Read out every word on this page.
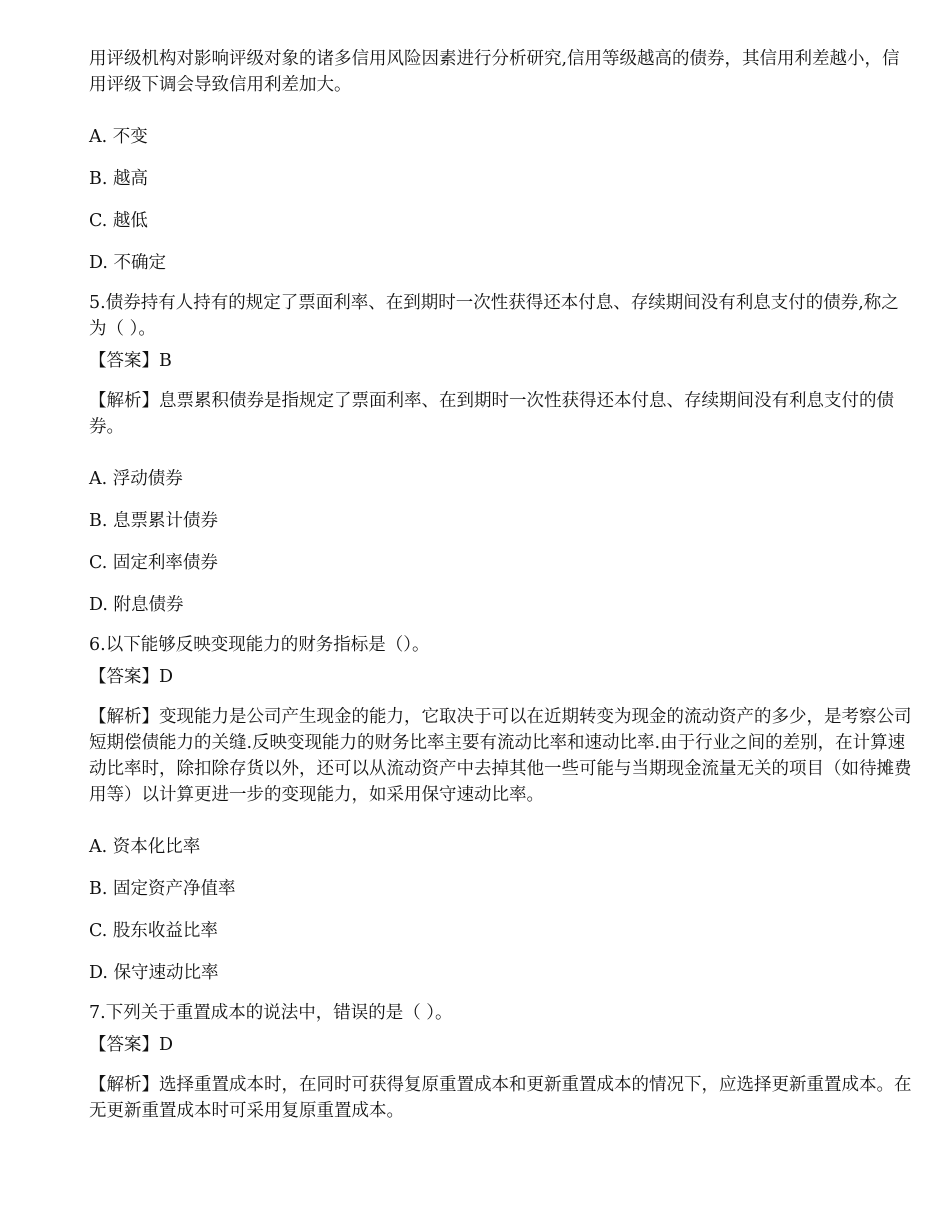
用评级机构对影响评级对象的诸多信用风险因素进行分析研究,信用等级越高的债券，其信用利差越小，信用评级下调会导致信用利差加大。

A. 不变

B. 越高

C. 越低

D. 不确定

5.债券持有人持有的规定了票面利率、在到期时一次性获得还本付息、存续期间没有利息支付的债券,称之为（ ）。

【答案】B

【解析】息票累积债券是指规定了票面利率、在到期时一次性获得还本付息、存续期间没有利息支付的债券。

A. 浮动债券

B. 息票累计债券

C. 固定利率债券

D. 附息债券

6.以下能够反映变现能力的财务指标是（）。

【答案】D

【解析】变现能力是公司产生现金的能力，它取决于可以在近期转变为现金的流动资产的多少，是考察公司短期偿债能力的关缝.反映变现能力的财务比率主要有流动比率和速动比率.由于行业之间的差别，在计算速动比率时，除扣除存货以外，还可以从流动资产中去掉其他一些可能与当期现金流量无关的项目（如待摊费用等）以计算更进一步的变现能力，如采用保守速动比率。

A. 资本化比率

B. 固定资产净值率

C. 股东收益比率

D. 保守速动比率

7.下列关于重置成本的说法中，错误的是（ ）。

【答案】D

【解析】选择重置成本时，在同时可获得复原重置成本和更新重置成本的情况下，应选择更新重置成本。在无更新重置成本时可采用复原重置成本。
